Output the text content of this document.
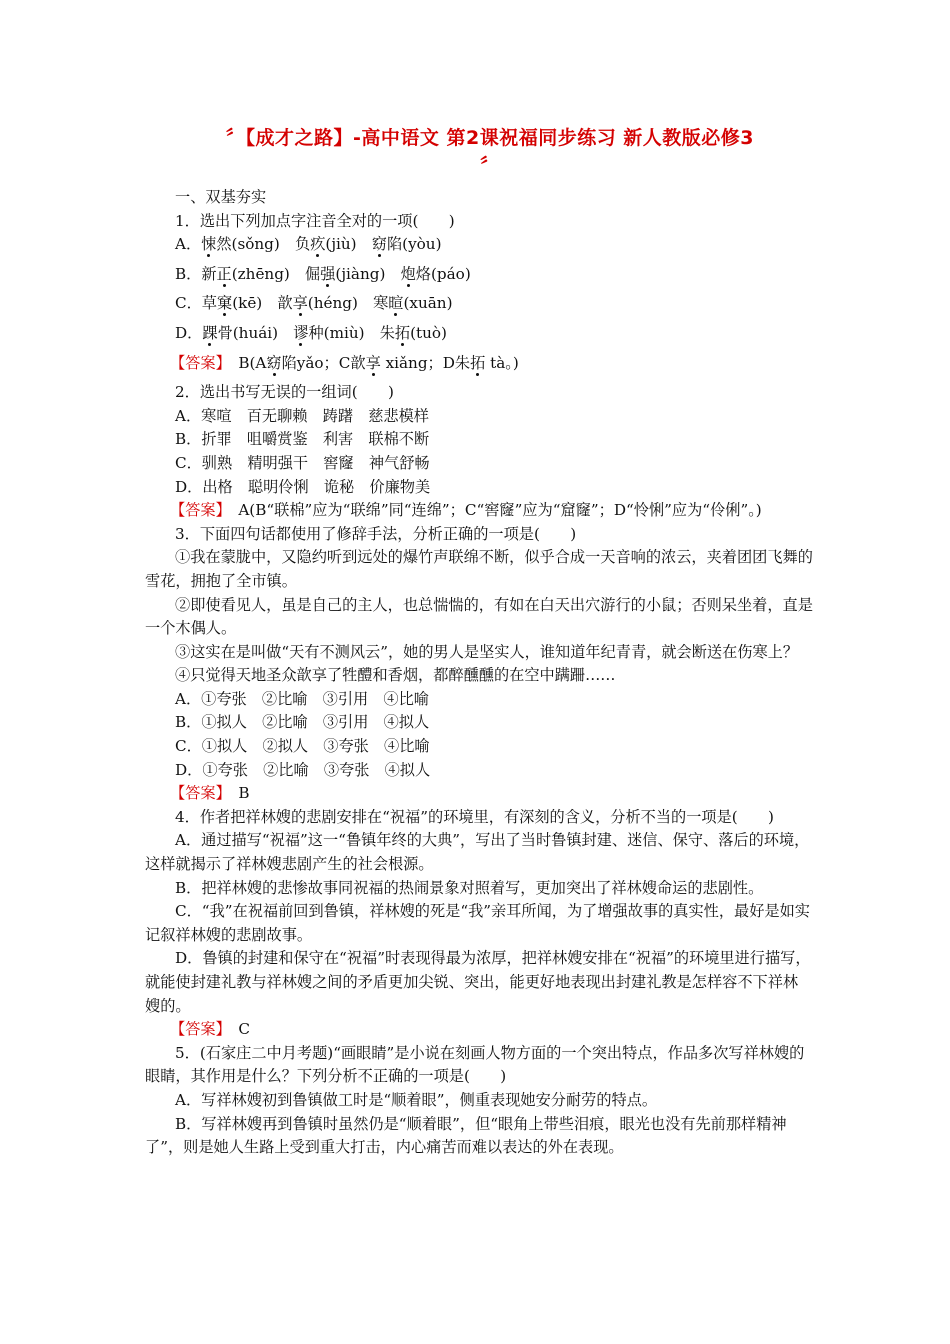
〞【成才之路】-高中语文 第2课祝福同步练习 新人教版必修3
〞
一、双基夯实
1．选出下列加点字注音全对的一项(　　)
A．悚然(sǒng)　负疚(jiù)　窈陷(yòu)
B．新正(zhēng)　倔强(jiàng)　炮烙(páo)
C．草窠(kē)　歆享(héng)　寒暄(xuān)
D．踝骨(huái)　谬种(miù)　朱拓(tuò)
【答案】　B(A窈陷yǎo；C歆享 xiǎng；D朱拓 tà。)
2．选出书写无误的一组词(　　)
A．寒喧　百无聊赖　踌躇　慈悲模样
B．折罪　咀嚼赏鉴　利害　联棉不断
C．驯熟　精明强干　窖窿　神气舒畅
D．出格　聪明伶悧　诡秘　价廉物美
【答案】　A(B“联棉”应为“联绵”同“连绵”；C“窖窿”应为“窟窿”；D“怜悧”应为“伶俐”。)
3．下面四句话都使用了修辞手法，分析正确的一项是(　　)
①我在蒙胧中，又隐约听到远处的爆竹声联绵不断，似乎合成一天音响的浓云，夹着团团飞舞的雪花，拥抱了全市镇。
②即使看见人，虽是自己的主人，也总惴惴的，有如在白天出穴游行的小鼠；否则呆坐着，直是一个木偶人。
③这实在是叫做“天有不测风云”，她的男人是坚实人，谁知道年纪青青，就会断送在伤寒上？
④只觉得天地圣众歆享了牲醴和香烟，都醉醺醺的在空中蹒跚……
A．①夸张　②比喻　③引用　④比喻
B．①拟人　②比喻　③引用　④拟人
C．①拟人　②拟人　③夸张　④比喻
D．①夸张　②比喻　③夸张　④拟人
【答案】　B
4．作者把祥林嫂的悲剧安排在“祝福”的环境里，有深刻的含义，分析不当的一项是(　　)
A．通过描写“祝福”这一“鲁镇年终的大典”，写出了当时鲁镇封建、迷信、保守、落后的环境，这样就揭示了祥林嫂悲剧产生的社会根源。
B．把祥林嫂的悲惨故事同祝福的热闹景象对照着写，更加突出了祥林嫂命运的悲剧性。
C．“我”在祝福前回到鲁镇，祥林嫂的死是“我”亲耳所闻，为了增强故事的真实性，最好是如实记叙祥林嫂的悲剧故事。
D．鲁镇的封建和保守在“祝福”时表现得最为浓厚，把祥林嫂安排在“祝福”的环境里进行描写，就能使封建礼教与祥林嫂之间的矛盾更加尖锐、突出，能更好地表现出封建礼教是怎样容不下祥林嫂的。
【答案】　C
5．(石家庄二中月考题)“画眼睛”是小说在刻画人物方面的一个突出特点，作品多次写祥林嫂的眼睛，其作用是什么？下列分析不正确的一项是(　　)
A．写祥林嫂初到鲁镇做工时是“顺着眼”，侧重表现她安分耐劳的特点。
B．写祥林嫂再到鲁镇时虽然仍是“顺着眼”，但“眼角上带些泪痕，眼光也没有先前那样精神了”，则是她人生路上受到重大打击，内心痛苦而难以表达的外在表现。
